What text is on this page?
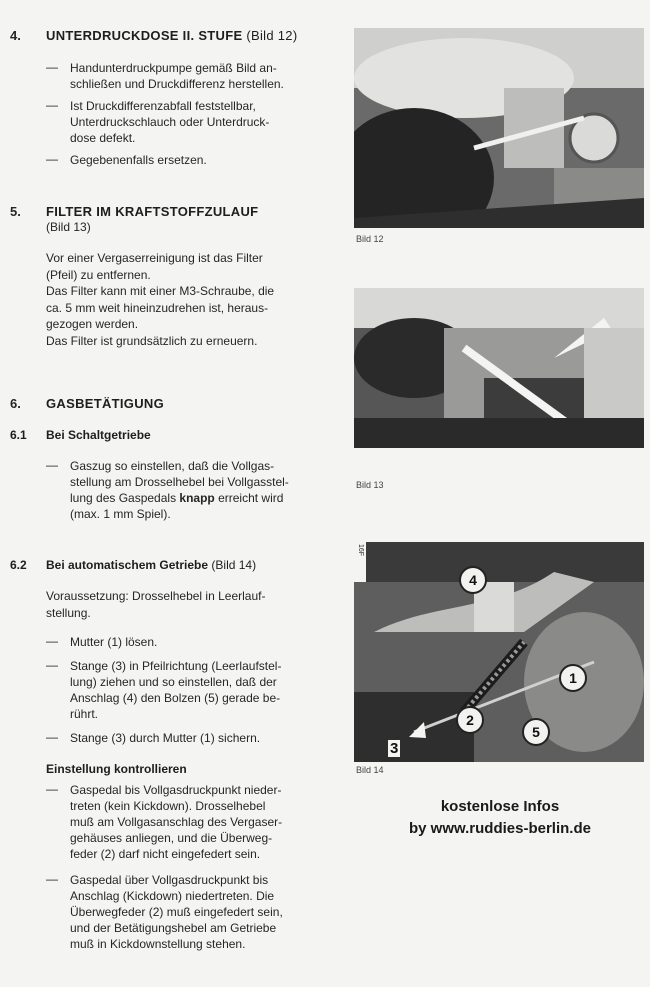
4. UNTERDRUCKDOSE II. STUFE (Bild 12)
— Handunterdruckpumpe gemäß Bild an-
schließen und Druckdifferenz herstellen.
— Ist Druckdifferenzabfall feststellbar,
Unterdruckschlauch oder Unterdruck-
dose defekt.
— Gegebenenfalls ersetzen.
5. FILTER IM KRAFTSTOFFZULAUF
(Bild 13)
Vor einer Vergaserreinigung ist das Filter
(Pfeil) zu entfernen.
Das Filter kann mit einer M3-Schraube, die
ca. 5 mm weit hineinzudrehen ist, heraus-
gezogen werden.
Das Filter ist grundsätzlich zu erneuern.
6. GASBETÄTIGUNG
6.1 Bei Schaltgetriebe
— Gaszug so einstellen, daß die Vollgas-
stellung am Drosselhebel bei Vollgasstel-
lung des Gaspedals knapp erreicht wird
(max. 1 mm Spiel).
6.2 Bei automatischem Getriebe (Bild 14)
Voraussetzung: Drosselhebel in Leerlauf-
stellung.
— Mutter (1) lösen.
— Stange (3) in Pfeilrichtung (Leerlaufstel-
lung) ziehen und so einstellen, daß der
Anschlag (4) den Bolzen (5) gerade be-
rührt.
— Stange (3) durch Mutter (1) sichern.
Einstellung kontrollieren
— Gaspedal bis Vollgasdruckpunkt nieder-
treten (kein Kickdown). Drosselhebel
muß am Vollgasanschlag des Vergaser-
gehäuses anliegen, und die Überweg-
feder (2) darf nicht eingefedert sein.
— Gaspedal über Vollgasdruckpunkt bis
Anschlag (Kickdown) niedertreten. Die
Überwegfeder (2) muß eingefedert sein,
und der Betätigungshebel am Getriebe
muß in Kickdownstellung stehen.
Bild 12
Bild 13
16F
4
1
2
5
3
Bild 14
kostenlose Infos
by www.ruddies-berlin.de
